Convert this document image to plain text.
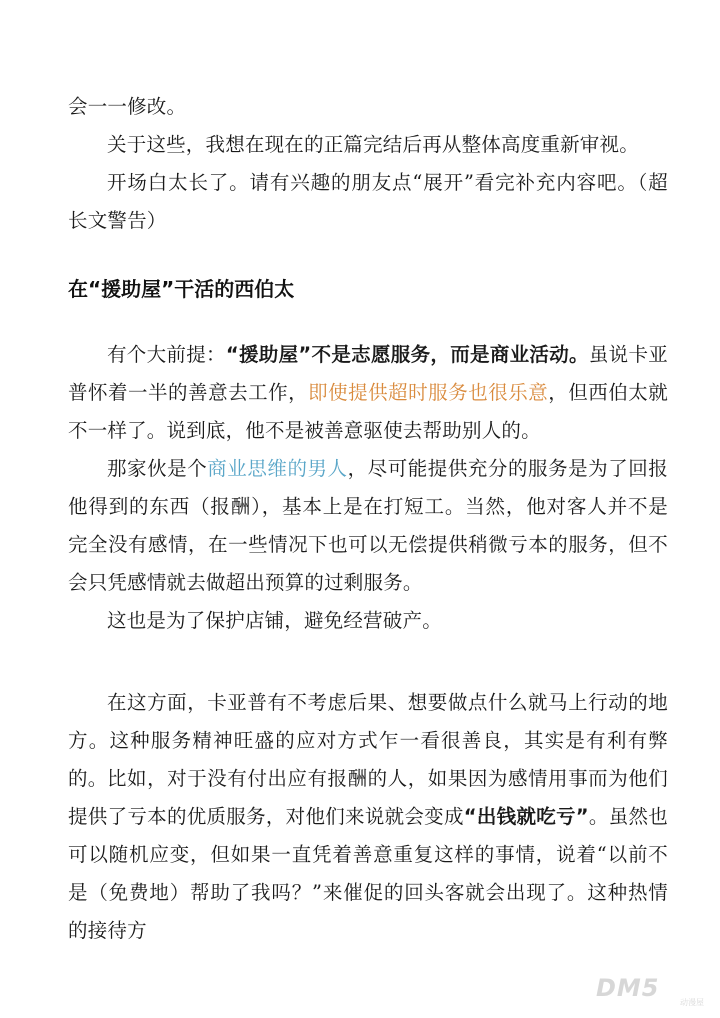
会一一修改。

关于这些，我想在现在的正篇完结后再从整体高度重新审视。

开场白太长了。请有兴趣的朋友点“展开”看完补充内容吧。（超长文警告）

在“援助屋”干活的西伯太

有个大前提：“援助屋”不是志愿服务，而是商业活动。虽说卡亚普怀着一半的善意去工作，即使提供超时服务也很乐意，但西伯太就不一样了。说到底，他不是被善意驱使去帮助别人的。

那家伙是个商业思维的男人，尽可能提供充分的服务是为了回报他得到的东西（报酬），基本上是在打短工。当然，他对客人并不是完全没有感情，在一些情况下也可以无偿提供稍微亏本的服务，但不会只凭感情就去做超出预算的过剩服务。

这也是为了保护店铺，避免经营破产。

在这方面，卡亚普有不考虑后果、想要做点什么就马上行动的地方。这种服务精神旺盛的应对方式乍一看很善良，其实是有利有弊的。 比如，对于没有付出应有报酬的人，如果因为感情用事而为他们提供了亏本的优质服务，对他们来说就会变成“出钱就吃亏”。虽然也可以随机应变，但如果一直凭着善意重复这样的事情，说着“以前不是（免费地）帮助了我吗？”来催促的回头客就会出现了。这种热情的接待方

DM5
动漫屋
